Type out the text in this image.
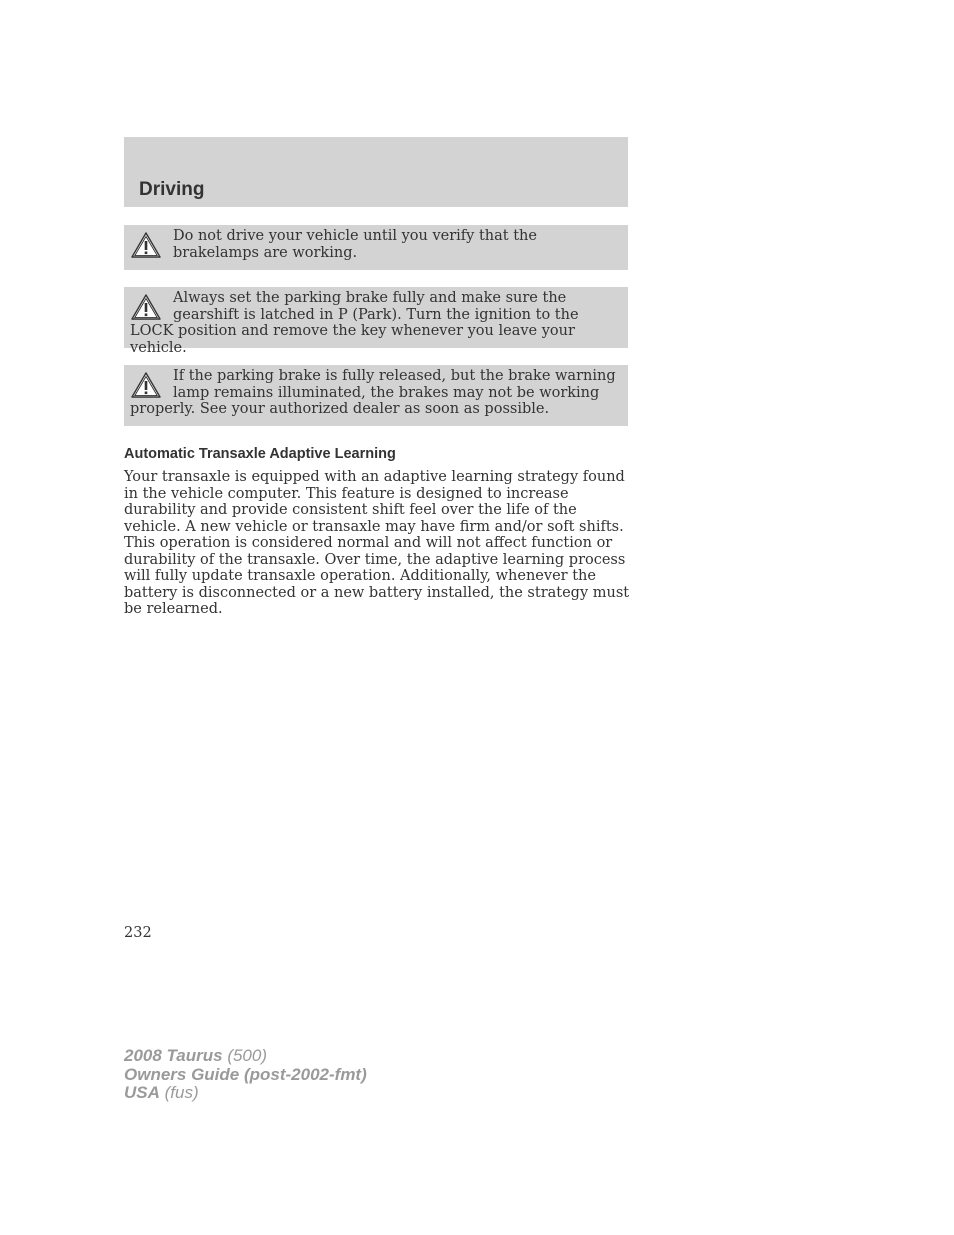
Driving
Do not drive your vehicle until you verify that the brakelamps are working.
Always set the parking brake fully and make sure the gearshift is latched in P (Park). Turn the ignition to the LOCK position and remove the key whenever you leave your vehicle.
If the parking brake is fully released, but the brake warning lamp remains illuminated, the brakes may not be working properly. See your authorized dealer as soon as possible.
Automatic Transaxle Adaptive Learning

Your transaxle is equipped with an adaptive learning strategy found in the vehicle computer. This feature is designed to increase durability and provide consistent shift feel over the life of the vehicle. A new vehicle or transaxle may have firm and/or soft shifts. This operation is considered normal and will not affect function or durability of the transaxle. Over time, the adaptive learning process will fully update transaxle operation. Additionally, whenever the battery is disconnected or a new battery installed, the strategy must be relearned.

232
2008 Taurus (500)
Owners Guide (post-2002-fmt)
USA (fus)
